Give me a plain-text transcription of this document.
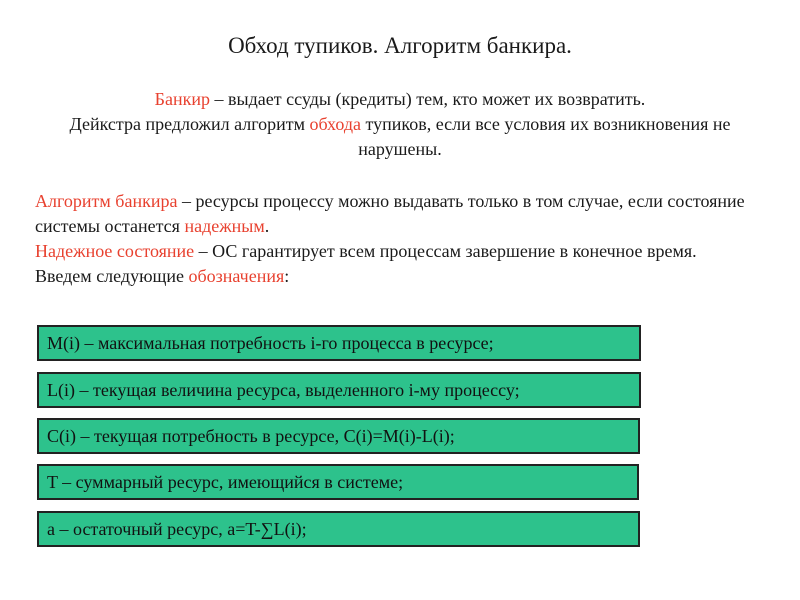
Обход тупиков. Алгоритм банкира.
Банкир – выдает ссуды (кредиты) тем, кто может их возвратить.
Дейкстра предложил алгоритм обхода тупиков, если все условия их возникновения не нарушены.
Алгоритм банкира – ресурсы процессу можно выдавать только в том случае, если состояние системы останется надежным.
Надежное состояние – ОС гарантирует всем процессам завершение в конечное время.
Введем следующие обозначения:
M(i) – максимальная потребность i-го процесса в ресурсе;
L(i) – текущая величина ресурса, выделенного i-му процессу;
C(i) – текущая потребность в ресурсе, C(i)=M(i)-L(i);
T – суммарный ресурс, имеющийся в системе;
a – остаточный ресурс, a=T-∑L(i);
